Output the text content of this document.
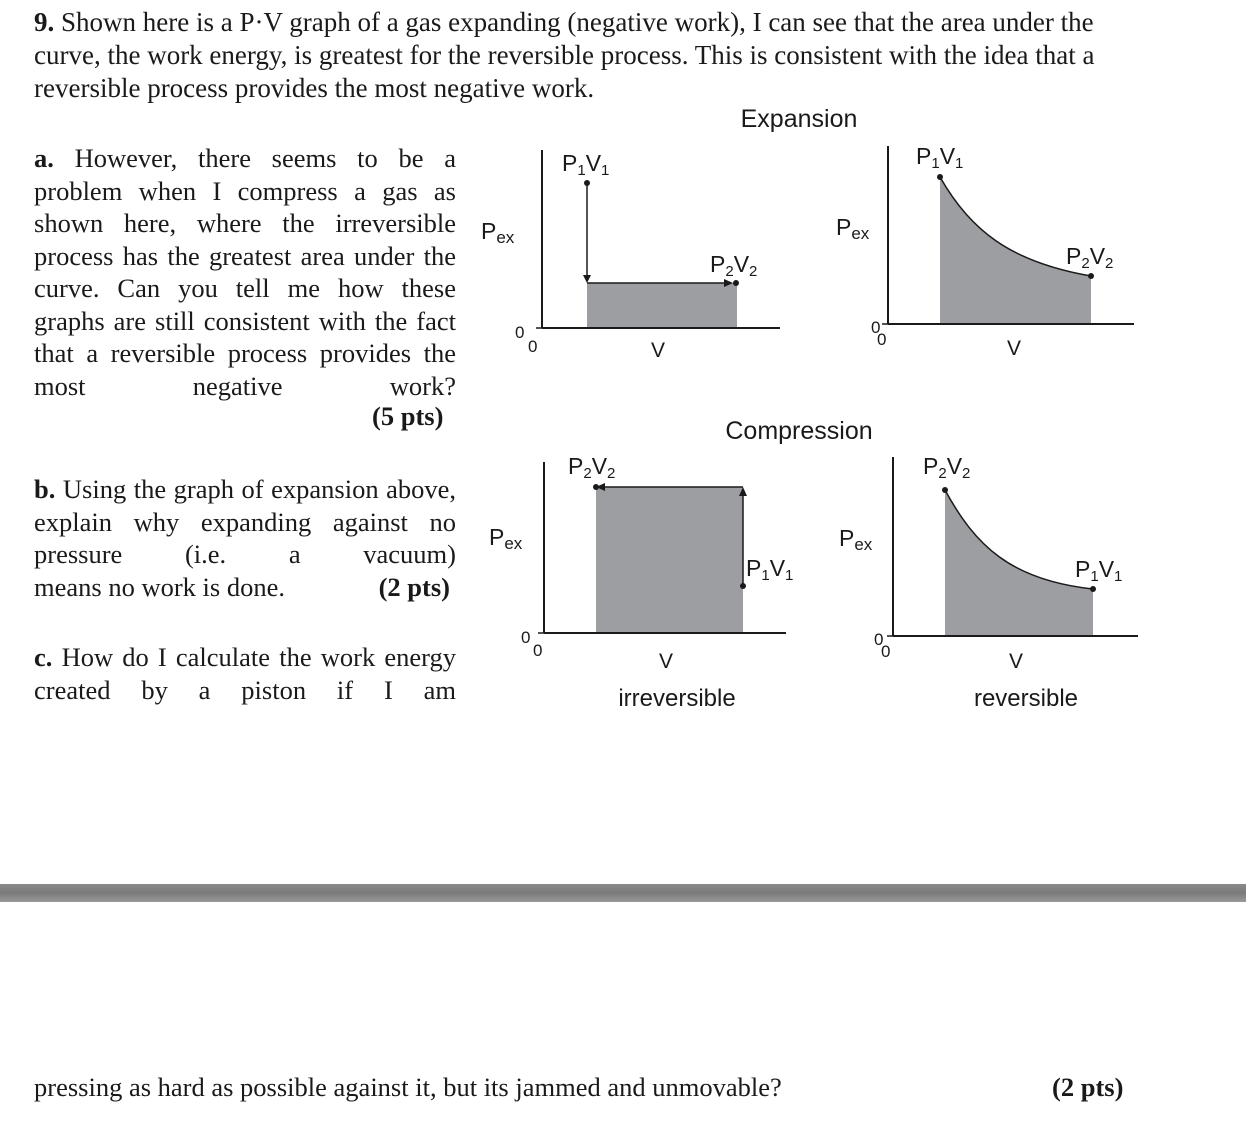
9. Shown here is a P·V graph of a gas expanding (negative work), I can see that the area under the curve, the work energy, is greatest for the reversible process. This is consistent with the idea that a reversible process provides the most negative work.
a. However, there seems to be a problem when I compress a gas as shown here, where the irreversible process has the greatest area under the curve. Can you tell me how these graphs are still consistent with the fact that a reversible process provides the most negative	work?
(5 pts)
b. Using the graph of expansion above, explain why expanding against no pressure (i.e. a vacuum)
means no work is done.	(2 pts)
c. How do I calculate the work energy created by a piston if I am
Expansion
Compression
P1V1
P2V2
Pex
0
0	V
P1V1
P2V2
Pex
0
0	V
P2V2
P1V1
Pex
0
0	V
irreversible
P2V2
P1V1
Pex
0
0	V
reversible
pressing as hard as possible against it, but its jammed and unmovable?	(2 pts)
